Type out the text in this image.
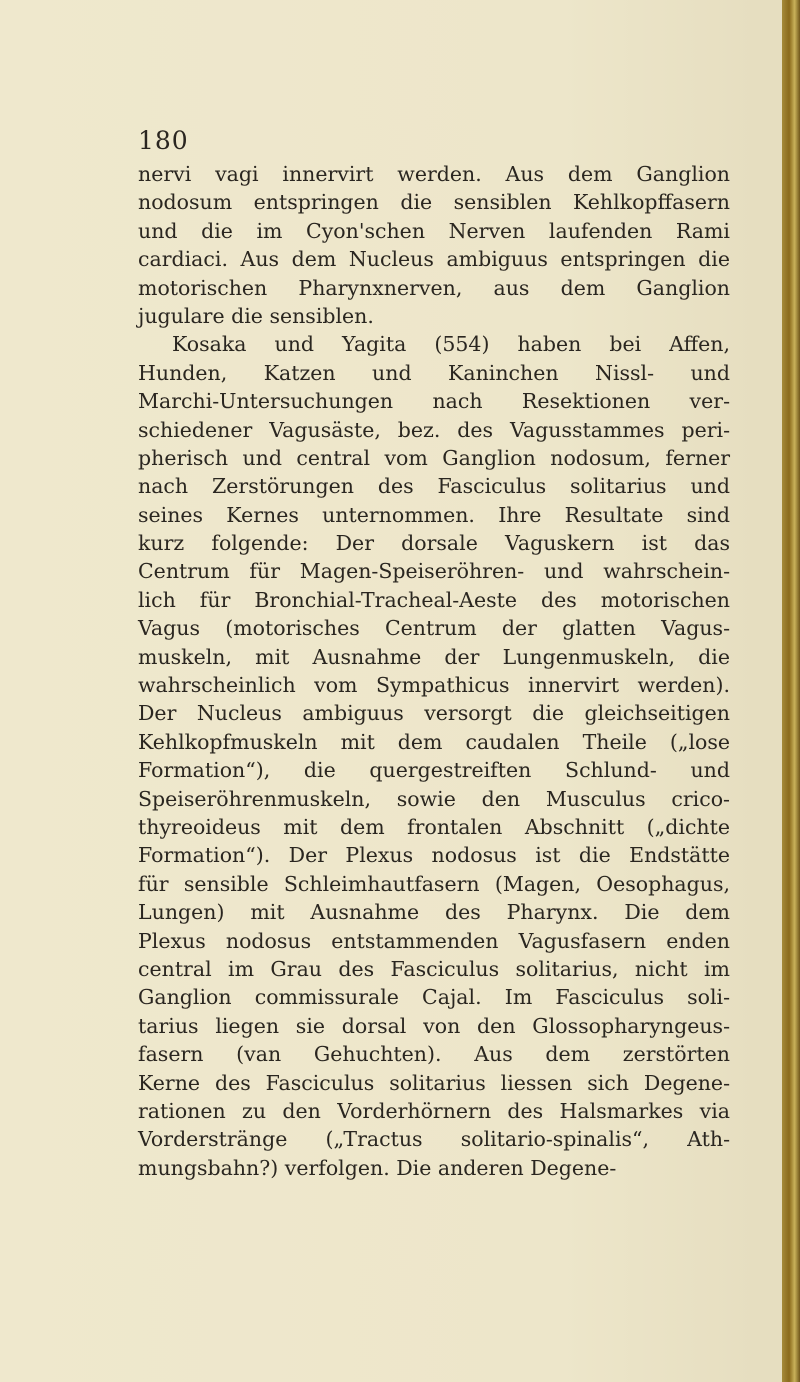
180
nervi vagi innervirt werden. Aus dem Ganglion
nodosum entspringen die sensiblen Kehlkopffasern
und die im Cyon'schen Nerven laufenden Rami
cardiaci. Aus dem Nucleus ambiguus entspringen die
motorischen Pharynxnerven, aus dem Ganglion
jugulare die sensiblen.
Kosaka und Yagita (554) haben bei Affen,
Hunden, Katzen und Kaninchen Nissl- und
Marchi-Untersuchungen nach Resektionen ver-
schiedener Vagusäste, bez. des Vagusstammes peri-
pherisch und central vom Ganglion nodosum, ferner
nach Zerstörungen des Fasciculus solitarius und
seines Kernes unternommen. Ihre Resultate sind
kurz folgende: Der dorsale Vaguskern ist das
Centrum für Magen-Speiseröhren- und wahrschein-
lich für Bronchial-Tracheal-Aeste des motorischen
Vagus (motorisches Centrum der glatten Vagus-
muskeln, mit Ausnahme der Lungenmuskeln, die
wahrscheinlich vom Sympathicus innervirt werden).
Der Nucleus ambiguus versorgt die gleichseitigen
Kehlkopfmuskeln mit dem caudalen Theile („lose
Formation“), die quergestreiften Schlund- und
Speiseröhrenmuskeln, sowie den Musculus crico-
thyreoideus mit dem frontalen Abschnitt („dichte
Formation“). Der Plexus nodosus ist die Endstätte
für sensible Schleimhautfasern (Magen, Oesophagus,
Lungen) mit Ausnahme des Pharynx. Die dem
Plexus nodosus entstammenden Vagusfasern enden
central im Grau des Fasciculus solitarius, nicht im
Ganglion commissurale Cajal. Im Fasciculus soli-
tarius liegen sie dorsal von den Glossopharyngeus-
fasern (van Gehuchten). Aus dem zerstörten
Kerne des Fasciculus solitarius liessen sich Degene-
rationen zu den Vorderhörnern des Halsmarkes via
Vorderstränge („Tractus solitario-spinalis“, Ath-
mungsbahn?) verfolgen. Die anderen Degene-
